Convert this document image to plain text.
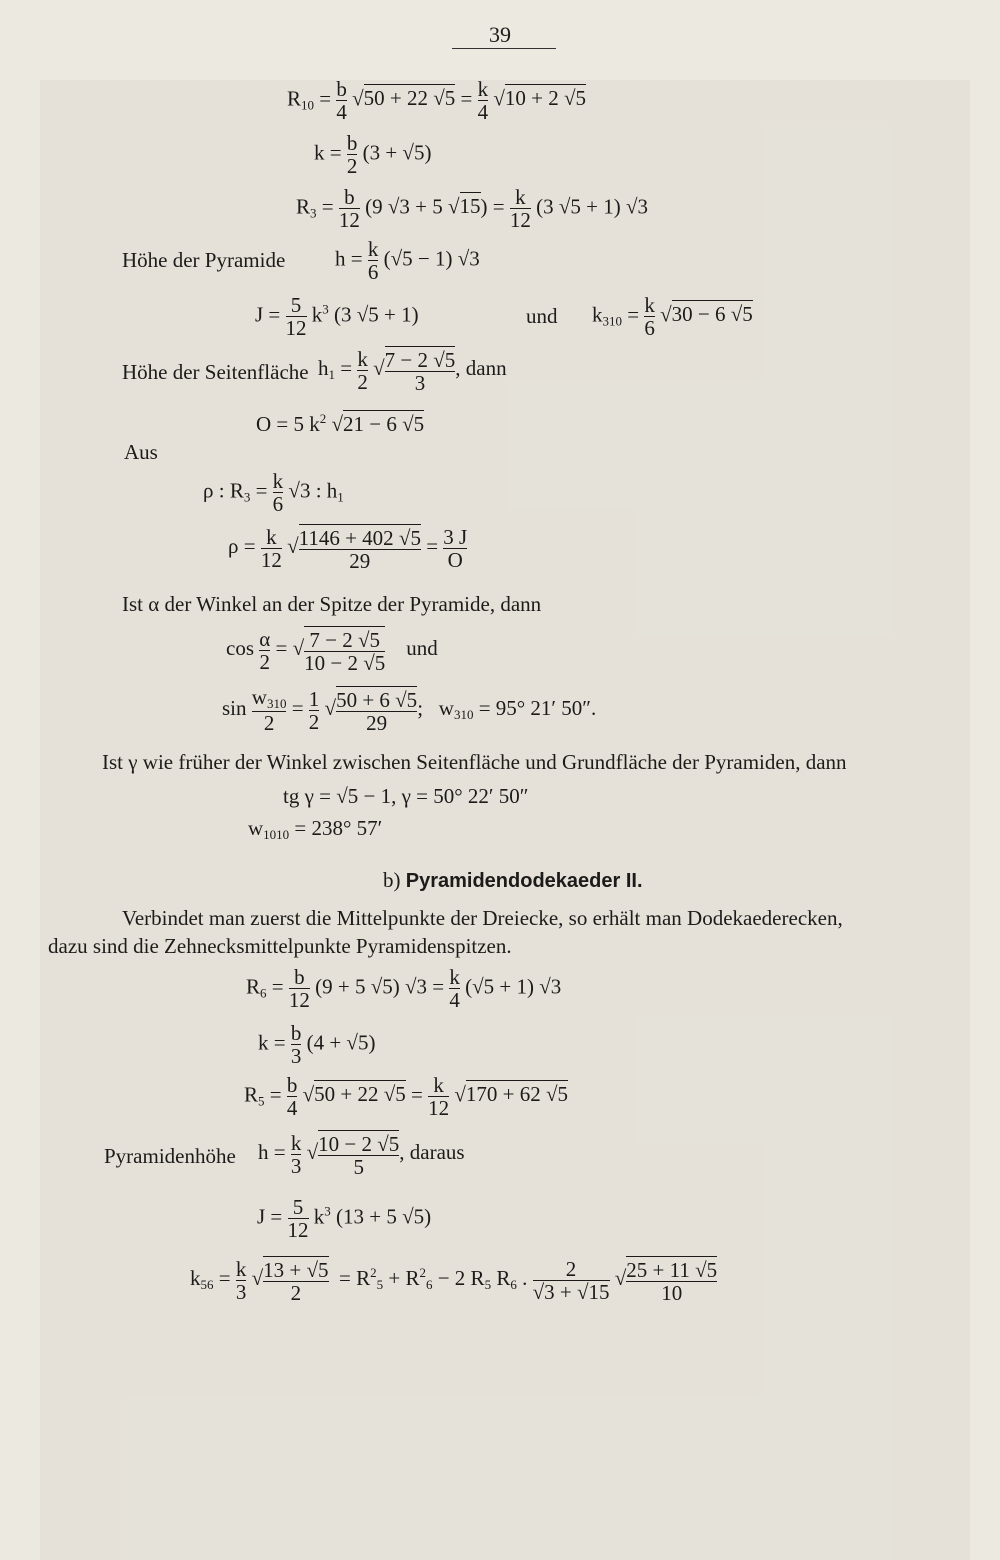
39
$R_{10} = \frac{b}{4} √50 + 22$ $√5 = \frac{k}{4} √10 + 2$ √5
$k = \frac{b}{2} (3 + √5)$
$R_3 = \frac{b}{12} (9$ √3 + 5 $√15) = \frac{k}{12} (3$ √5 + 1) √3
Höhe der Pyramide $h = \frac{k}{6} (√5 - 1)$ √3
$J = \frac{5}{12} k^3$ (3 √5 + 1)	und $k_{310} = \frac{k}{6} √30 - 6$ √5
Höhe der Seitenfläche $h_1 = \frac{k}{2}$ √ $\frac{7 - 2 √5}{3}$ , dann
O = 5 $k^2$ √21 − 6 √5
Aus
ρ : $R_3 = \frac{k}{6} √3$ : $h_1$
$\rho = \frac{k}{12}$ √ $\frac{1146 + 402 √5}{29} = \frac{3 J}{O}$
Ist α der Winkel an der Spitze der Pyramide, dann
$\cos \frac{\alpha}{2}$ = √ $\frac{7 - 2 √5}{10 - 2 √5}$ und
$\sin \frac{w_{310}}{2} = \frac{1}{2}$ √ $\frac{50 + 6 √5}{29}$ ;   $w_{310} = 95^\circ$ 21′ 50″.
Ist γ wie früher der Winkel zwischen Seitenfläche und Grundfläche der Pyramiden, dann
tg γ = √5 − 1, γ = 50° 22′ 50″
$w_{1010} = 238^\circ$ 57′
b) Pyramidendodekaeder II.
Verbindet man zuerst die Mittelpunkte der Dreiecke, so erhält man Dodekaederecken,
dazu sind die Zehnecksmittelpunkte Pyramidenspitzen.
$R_6 = \frac{b}{12} (9 + 5$ √5) $√3 = \frac{k}{4} (√5 + 1)$ √3
$k = \frac{b}{3} (4 + √5)$
$R_5 = \frac{b}{4} √50 + 22$ $√5 = \frac{k}{12} √170 + 62$ √5
Pyramidenhöhe $h = \frac{k}{3}$ √ $\frac{10 - 2 √5}{5}$ , daraus
$J = \frac{5}{12} k^3$ (13 + 5 √5)
$k_{56} = \frac{k}{3}$ √ $\frac{13 + √5}{2} = R^2_5 + R^2_6 - 2$ $R_5$ $R_6$ . $\frac{2}{√3 + √15}$ √ $\frac{25 + 11 √5}{10}$
